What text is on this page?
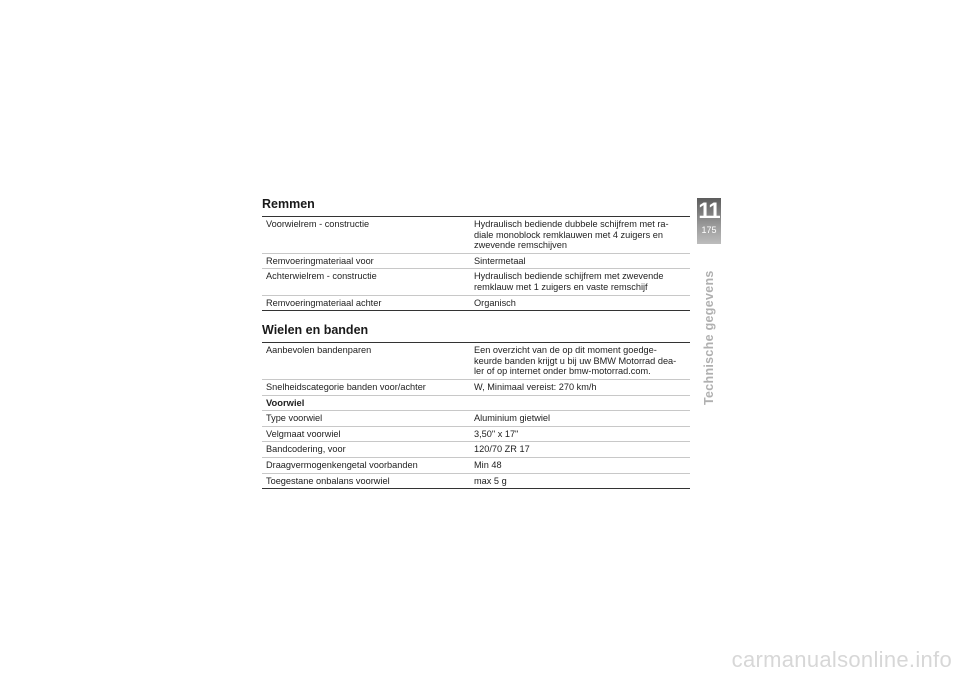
Remmen
Voorwielrem - constructie	Hydraulisch bediende dubbele schijfrem met ra-
diale monoblock remklauwen met 4 zuigers en
zwevende remschijven
Remvoeringmateriaal voor	Sintermetaal
Achterwielrem - constructie	Hydraulisch bediende schijfrem met zwevende
remklauw met 1 zuigers en vaste remschijf
Remvoeringmateriaal achter	Organisch
Wielen en banden
Aanbevolen bandenparen	Een overzicht van de op dit moment goedge-
keurde banden krijgt u bij uw BMW Motorrad dea-
ler of op internet onder bmw-motorrad.com.
Snelheidscategorie banden voor/achter	W, Minimaal vereist: 270 km/h
Voorwiel	
Type voorwiel	Aluminium gietwiel
Velgmaat voorwiel	3,50" x 17"
Bandcodering, voor	120/70 ZR 17
Draagvermogenkengetal voorbanden	Min 48
Toegestane onbalans voorwiel	max 5 g
11
175
Technische gegevens
carmanualsonline.info
